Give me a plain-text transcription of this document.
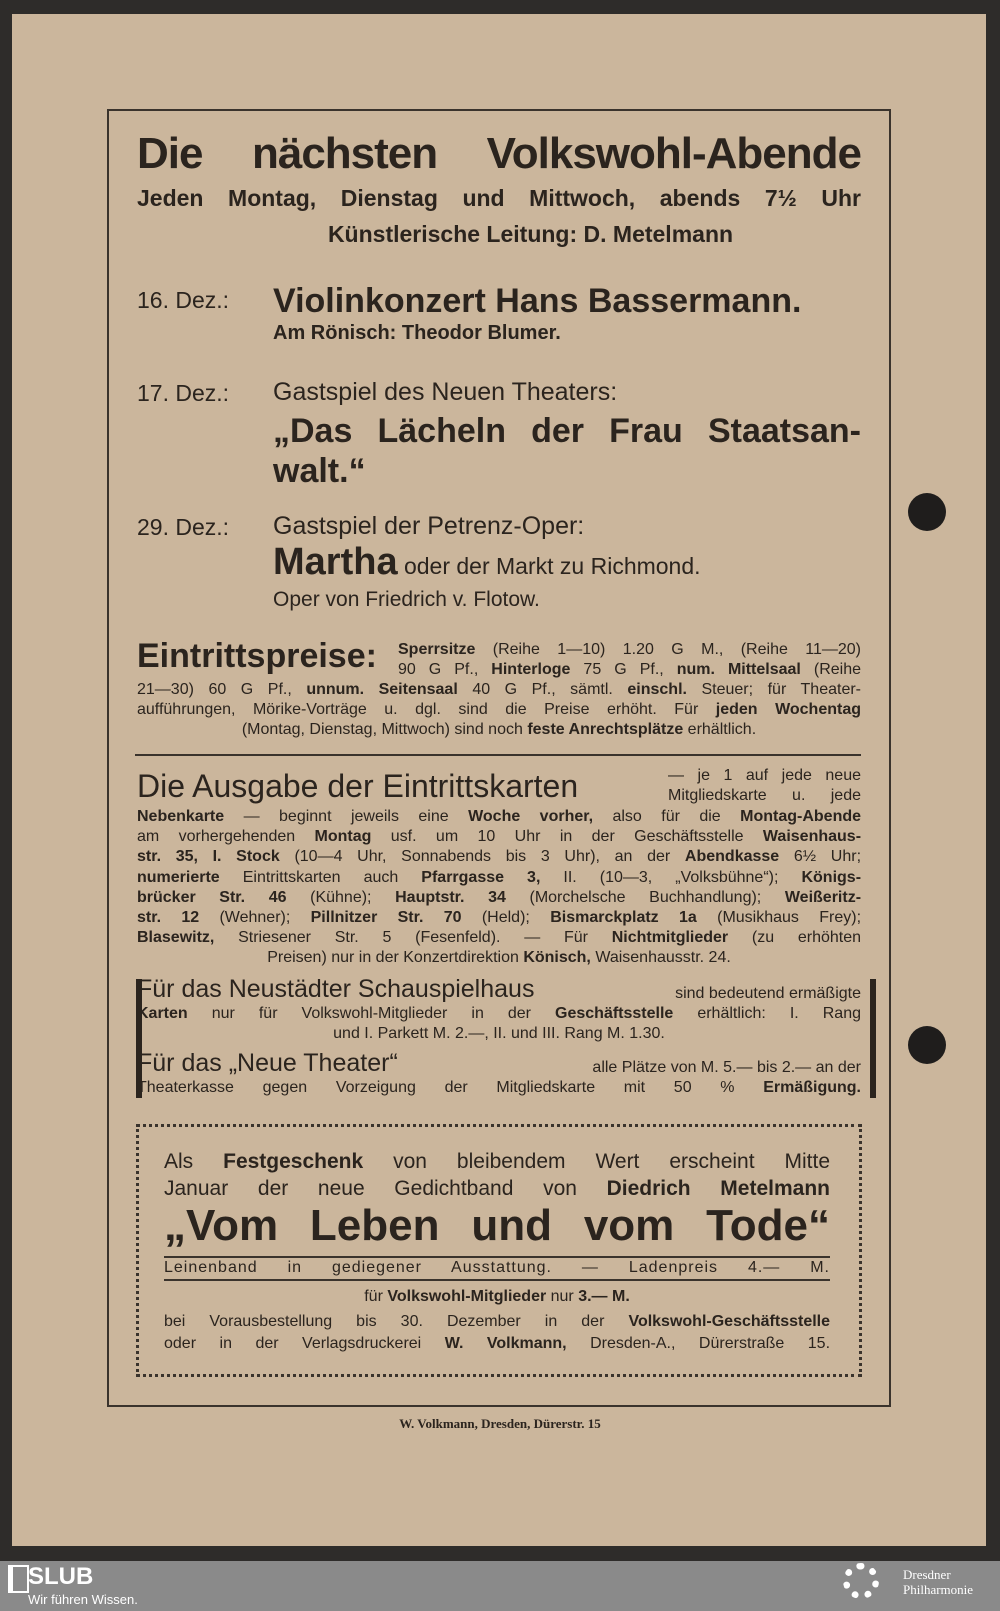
Die nächsten Volkswohl-Abende
Jeden Montag, Dienstag und Mittwoch, abends 7½ Uhr
Künstlerische Leitung: D. Metelmann
16. Dez.: Violinkonzert Hans Bassermann.
Am Rönisch: Theodor Blumer.
17. Dez.: Gastspiel des Neuen Theaters:
„Das Lächeln der Frau Staatsan-
walt.“
29. Dez.: Gastspiel der Petrenz-Oper:
Martha oder der Markt zu Richmond.
Oper von Friedrich v. Flotow.
Eintrittspreise: Sperrsitze (Reihe 1—10) 1.20 G M., (Reihe 11—20)
90 G Pf., Hinterloge 75 G Pf., num. Mittelsaal (Reihe
21—30) 60 G Pf., unnum. Seitensaal 40 G Pf., sämtl. einschl. Steuer; für Theater-
aufführungen, Mörike-Vorträge u. dgl. sind die Preise erhöht. Für jeden Wochentag
(Montag, Dienstag, Mittwoch) sind noch feste Anrechtsplätze erhältlich.
Die Ausgabe der Eintrittskarten	— je 1 auf jede neue
Mitgliedskarte u. jede
Nebenkarte — beginnt jeweils eine Woche vorher, also für die Montag-Abende
am vorhergehenden Montag usf. um 10 Uhr in der Geschäftsstelle Waisenhaus-
str. 35, I. Stock (10—4 Uhr, Sonnabends bis 3 Uhr), an der Abendkasse 6½ Uhr;
numerierte Eintrittskarten auch Pfarrgasse 3, II. (10—3, „Volksbühne“); Königs-
brücker Str. 46 (Kühne); Hauptstr. 34 (Morchelsche Buchhandlung); Weißeritz-
str. 12 (Wehner); Pillnitzer Str. 70 (Held); Bismarckplatz 1a (Musikhaus Frey);
Blasewitz, Striesener Str. 5 (Fesenfeld). — Für Nichtmitglieder (zu erhöhten
Preisen) nur in der Konzertdirektion Könisch, Waisenhausstr. 24.
Für das Neustädter Schauspielhaus	sind bedeutend ermäßigte
Karten nur für Volkswohl-Mitglieder in der Geschäftsstelle erhältlich: I. Rang
und I. Parkett M. 2.—, II. und III. Rang M. 1.30.
Für das „Neue Theater“	alle Plätze von M. 5.— bis 2.— an der
Theaterkasse gegen Vorzeigung der Mitgliedskarte mit 50 % Ermäßigung.
Als Festgeschenk von bleibendem Wert erscheint Mitte
Januar der neue Gedichtband von Diedrich Metelmann
„Vom Leben und vom Tode“
Leinenband in gediegener Ausstattung. — Ladenpreis 4.— M.
für Volkswohl-Mitglieder nur 3.— M.
bei Vorausbestellung bis 30. Dezember in der Volkswohl-Geschäftsstelle
oder in der Verlagsdruckerei W. Volkmann, Dresden-A., Dürerstraße 15.
W. Volkmann, Dresden, Dürerstr. 15
SLUB
Wir führen Wissen.
Dresdner
Philharmonie
